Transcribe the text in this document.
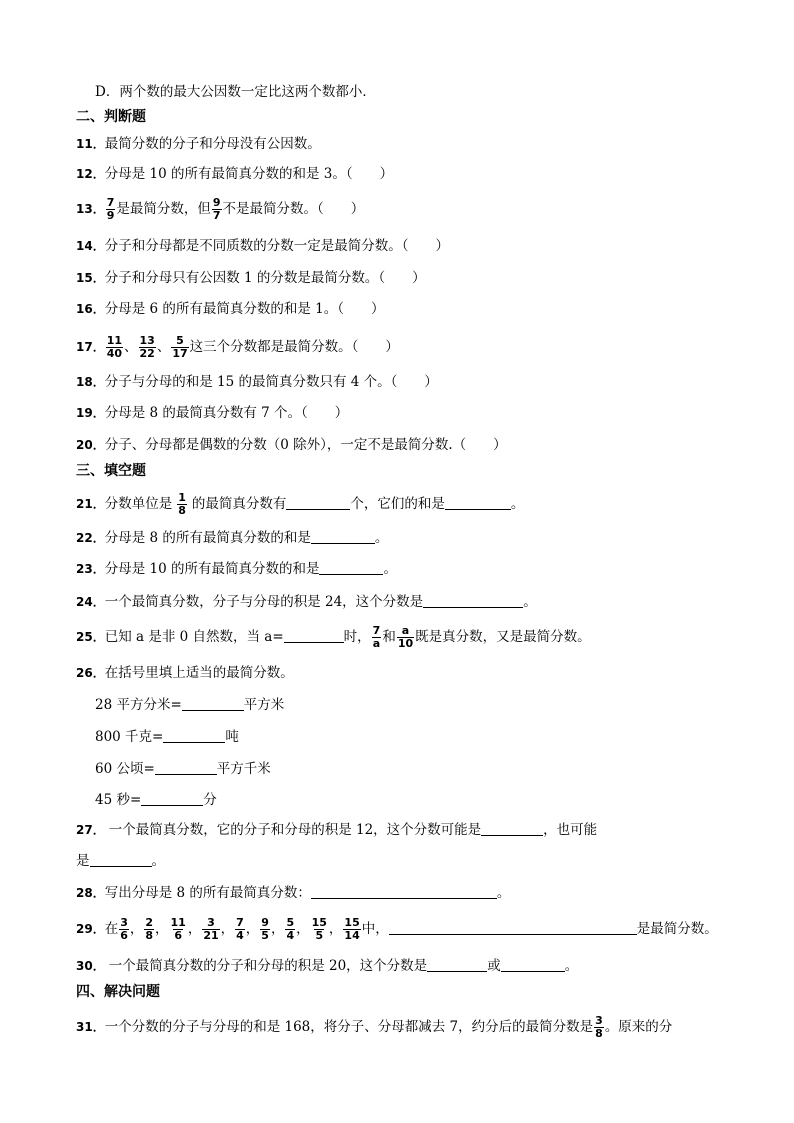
D．两个数的最大公因数一定比这两个数都小．
二、判断题
11．最简分数的分子和分母没有公因数。
12．分母是 10 的所有最简真分数的和是 3。（　　）
13． $\frac{7}{9}$ 是最简分数，但 $\frac{9}{7}$ 不是最简分数。（　　）
14．分子和分母都是不同质数的分数一定是最简分数。（　　）
15．分子和分母只有公因数 1 的分数是最简分数。（　　）
16．分母是 6 的所有最简真分数的和是 1。（　　）
17． $\frac{11}{40}$ 、 $\frac{13}{22}$ 、 $\frac{5}{17}$ 这三个分数都是最简分数。（　　）
18．分子与分母的和是 15 的最简真分数只有 4 个。（　　）
19．分母是 8 的最简真分数有 7 个。（　　）
20．分子、分母都是偶数的分数（0 除外），一定不是最简分数.（　　）
三、填空题
21．分数单位是 $\frac{1}{8}$ 的最简真分数有	个，它们的和是	。
22．分母是 8 的所有最简真分数的和是	。
23．分母是 10 的所有最简真分数的和是	。
24．一个最简真分数，分子与分母的积是 24，这个分数是	。
25．已知 a 是非 0 自然数，当 a=	时， $\frac{7}{a}$ 和 $\frac{a}{10}$ 既是真分数，又是最简分数。
26．在括号里填上适当的最简分数。
28 平方分米=	平方米
800 千克=	吨
60 公顷=	平方千米
45 秒=	分
27． 一个最简真分数，它的分子和分母的积是 12，这个分数可能是	，也可能
是	。
28．写出分母是 8 的所有最简真分数：	。
29．在 $\frac{3}{6}$ ， $\frac{2}{8}$ ， $\frac{11}{6}$ ， $\frac{3}{21}$ ， $\frac{7}{4}$ ， $\frac{9}{5}$ ， $\frac{5}{4}$ ， $\frac{15}{5}$ ， $\frac{15}{14}$ 中，	是最简分数。
30． 一个最简真分数的分子和分母的积是 20，这个分数是	或	。
四、解决问题
31．一个分数的分子与分母的和是 168，将分子、分母都减去 7，约分后的最简分数是 $\frac{3}{8}$ 。原来的分
